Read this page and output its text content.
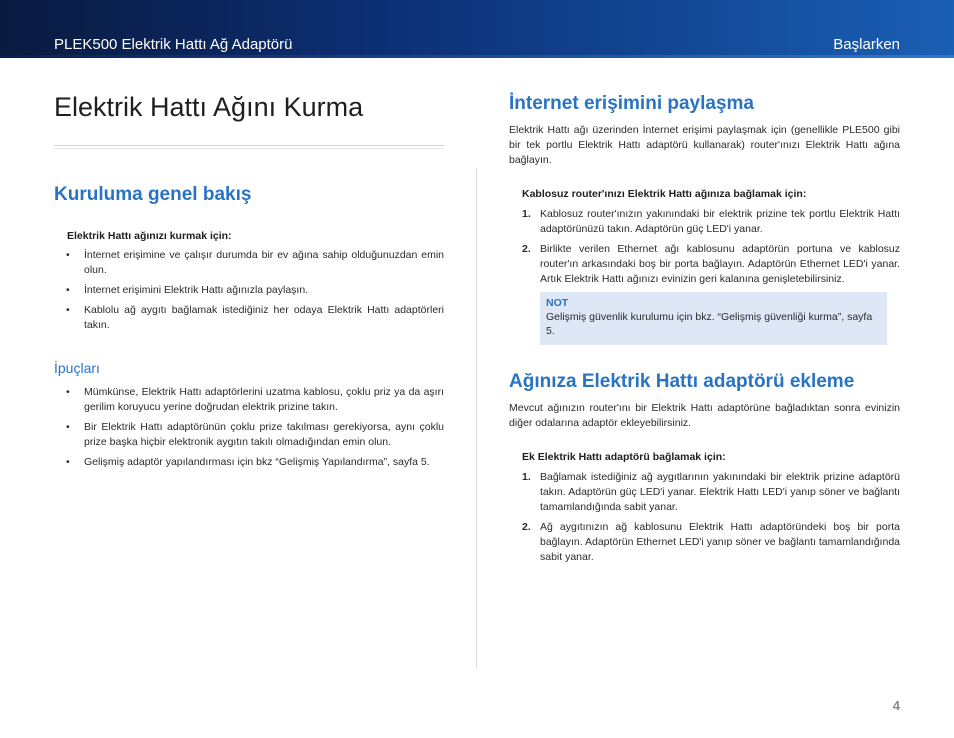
PLEK500 Elektrik Hattı Ağ Adaptörü	Başlarken
Elektrik Hattı Ağını Kurma
Kuruluma genel bakış
Elektrik Hattı ağınızı kurmak için:
• İnternet erişimine ve çalışır durumda bir ev ağına sahip olduğunuzdan emin olun.
• İnternet erişimini Elektrik Hattı ağınızla paylaşın.
• Kablolu ağ aygıtı bağlamak istediğiniz her odaya Elektrik Hattı adaptörleri takın.
İpuçları
• Mümkünse, Elektrik Hattı adaptörlerini uzatma kablosu, çoklu priz ya da aşırı gerilim koruyucu yerine doğrudan elektrik prizine takın.
• Bir Elektrik Hattı adaptörünün çoklu prize takılması gerekiyorsa, aynı çoklu prize başka hiçbir elektronik aygıtın takılı olmadığından emin olun.
• Gelişmiş adaptör yapılandırması için bkz “Gelişmiş Yapılandırma”, sayfa 5.
İnternet erişimini paylaşma
Elektrik Hattı ağı üzerinden İnternet erişimi paylaşmak için (genellikle PLE500 gibi bir tek portlu Elektrik Hattı adaptörü kullanarak) router'ınızı Elektrik Hattı ağına bağlayın.
Kablosuz router'ınızı Elektrik Hattı ağınıza bağlamak için:
1. Kablosuz router'ınızın yakınındaki bir elektrik prizine tek portlu Elektrik Hattı adaptörünüzü takın. Adaptörün güç LED'i yanar.
2. Birlikte verilen Ethernet ağı kablosunu adaptörün portuna ve kablosuz router'ın arkasındaki boş bir porta bağlayın. Adaptörün Ethernet LED'i yanar. Artık Elektrik Hattı ağınızı evinizin geri kalanına genişletebilirsiniz.
NOT
Gelişmiş güvenlik kurulumu için bkz. “Gelişmiş güvenliği kurma”, sayfa 5.
Ağınıza Elektrik Hattı adaptörü ekleme
Mevcut ağınızın router'ını bir Elektrik Hattı adaptörüne bağladıktan sonra evinizin diğer odalarına adaptör ekleyebilirsiniz.
Ek Elektrik Hattı adaptörü bağlamak için:
1. Bağlamak istediğiniz ağ aygıtlarının yakınındaki bir elektrik prizine adaptörü takın. Adaptörün güç LED'i yanar. Elektrik Hattı LED'i yanıp söner ve bağlantı tamamlandığında sabit yanar.
2. Ağ aygıtınızın ağ kablosunu Elektrik Hattı adaptöründeki boş bir porta bağlayın. Adaptörün Ethernet LED'i yanıp söner ve bağlantı tamamlandığında sabit yanar.
4
